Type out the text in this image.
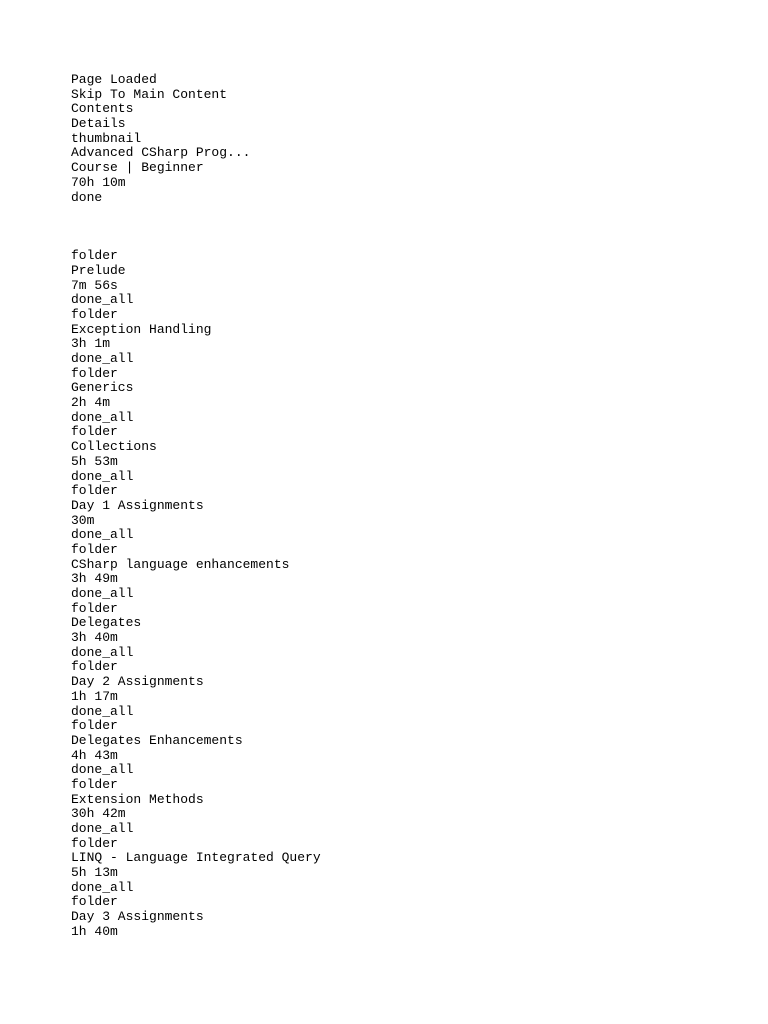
Page Loaded
Skip To Main Content
Contents
Details
thumbnail
Advanced CSharp Prog...
Course | Beginner
70h 10m
done
folder
Prelude
7m 56s
done_all
folder
Exception Handling
3h 1m
done_all
folder
Generics
2h 4m
done_all
folder
Collections
5h 53m
done_all
folder
Day 1 Assignments
30m
done_all
folder
CSharp language enhancements
3h 49m
done_all
folder
Delegates
3h 40m
done_all
folder
Day 2 Assignments
1h 17m
done_all
folder
Delegates Enhancements
4h 43m
done_all
folder
Extension Methods
30h 42m
done_all
folder
LINQ - Language Integrated Query
5h 13m
done_all
folder
Day 3 Assignments
1h 40m
